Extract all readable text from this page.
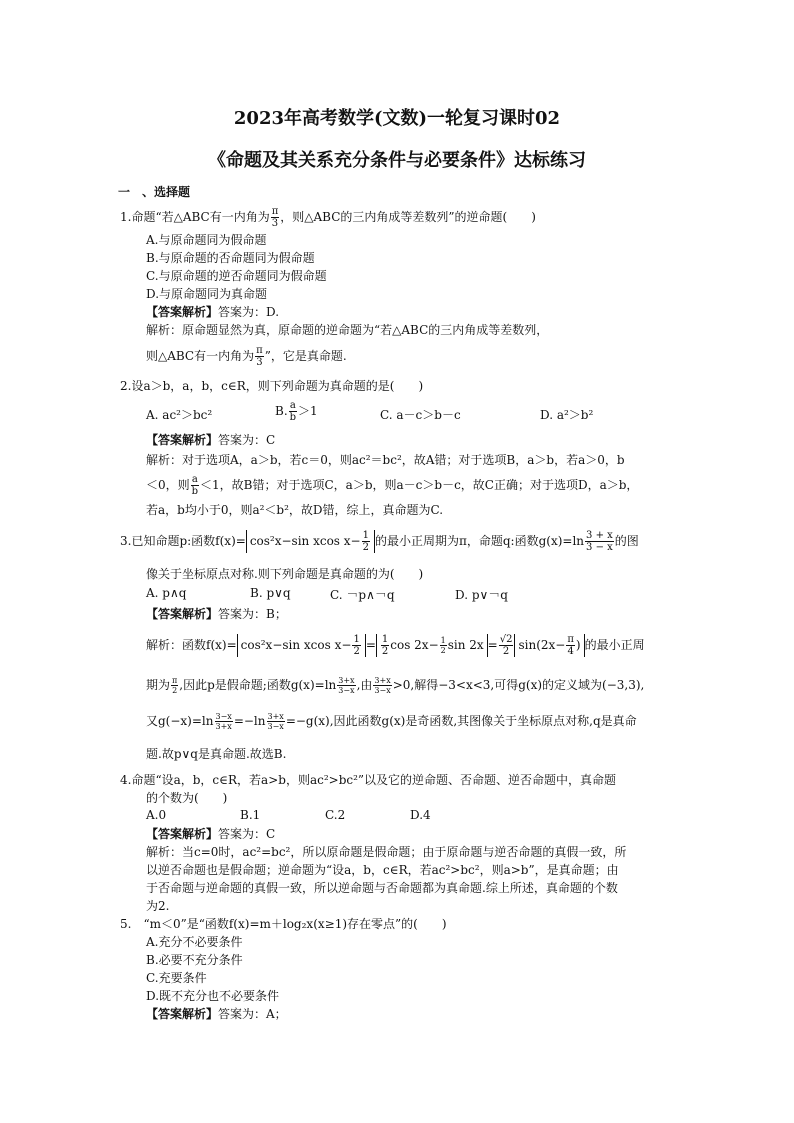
2023年高考数学(文数)一轮复习课时02
《命题及其关系充分条件与必要条件》达标练习
一　、选择题
1.命题“若△ABC有一内角为 $\frac{\pi}{3}$ ，则△ABC的三内角成等差数列”的逆命题(　　)
A.与原命题同为假命题
B.与原命题的否命题同为假命题
C.与原命题的逆否命题同为假命题
D.与原命题同为真命题
【答案解析】答案为：D.
解析：原命题显然为真，原命题的逆命题为“若△ABC的三内角成等差数列，
则△ABC有一内角为 $\frac{\pi}{3}$ ”，它是真命题.
2.设a＞b，a，b，c∈R，则下列命题为真命题的是(　　)
A. ac²＞bc²	B. $\frac{a}{b} >1$	C. a－c＞b－c	D. a²＞b²
【答案解析】答案为：C
解析：对于选项A，a＞b，若c＝0，则ac²＝bc²，故A错；对于选项B，a＞b，若a＞0，b
＜0，则 $\frac{a}{b} <1$，故B错；对于选项C，a＞b，则a－c＞b－c，故C正确；对于选项D，a＞b，
若a，b均小于0，则a²＜b²，故D错，综上，真命题为C.
3.已知命题p:函数f(x)= cos²x−sin xcos $x- \frac{1}{2}$ 的最小正周期为π，命题q:函数$g(x)=\ln \frac{3 + x}{3 - x}$ 的图
像关于坐标原点对称.则下列命题是真命题的为(　　)
A. p∧q	B. p∨q	C. ￢p∧￢q	D. p∨￢q
【答案解析】答案为：B；
解析：函数f(x)= cos²x−sin xcos $x- \frac{1}{2} = \frac{1}{2}$ $\cos 2x- \frac{1}{2}$ $\sin 2x = \frac{√2}{2} \sin(2x- \frac{\pi}{4}$ ) 的最小正周
期为 $\frac{\pi}{2}$ ,因此p是假命题;函数$g(x)=\ln \frac{3+x}{3-x}$ ,由 $\frac{3+x}{3-x} >0$,解得−3<x<3,可得g(x)的定义域为(−3,3),
又$g(-x)=\ln \frac{3-x}{3+x} =-\ln \frac{3+x}{3-x} =-g(x)$,因此函数g(x)是奇函数,其图像关于坐标原点对称,q是真命
题.故p∨q是真命题.故选B.
4.命题“设a，b，c∈R，若a>b，则ac²>bc²”以及它的逆命题、否命题、逆否命题中，真命题
的个数为(　　)
A.0	B.1	C.2	D.4
【答案解析】答案为：C
解析：当c=0时，ac²=bc²，所以原命题是假命题；由于原命题与逆否命题的真假一致，所
以逆否命题也是假命题；逆命题为“设a，b，c∈R，若ac²>bc²，则a>b”，是真命题；由
于否命题与逆命题的真假一致，所以逆命题与否命题都为真命题.综上所述，真命题的个数
为2.
5.　“m＜0”是“函数f(x)=m＋log₂x(x≥1)存在零点”的(　　)
A.充分不必要条件
B.必要不充分条件
C.充要条件
D.既不充分也不必要条件
【答案解析】答案为：A；
